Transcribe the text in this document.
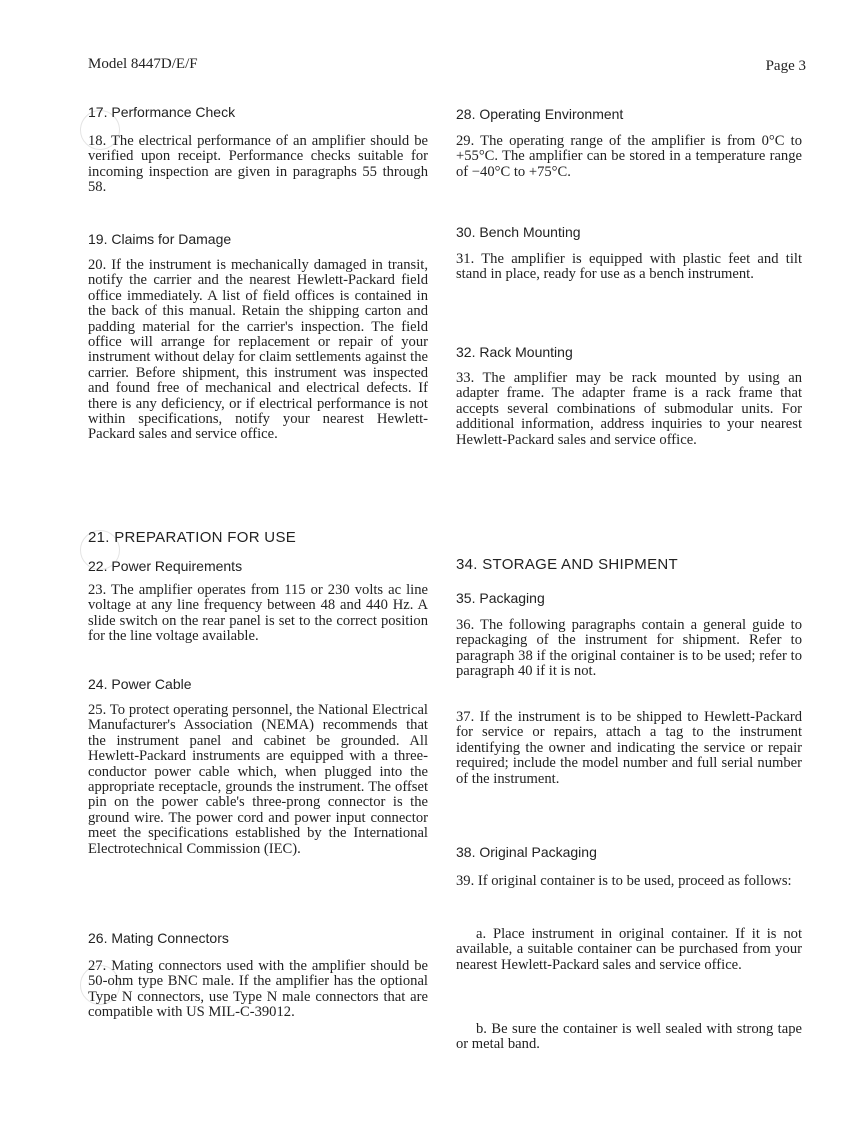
Model 8447D/E/F	Page 3
17. Performance Check
18. The electrical performance of an amplifier should be verified upon receipt. Performance checks suitable for incoming inspection are given in paragraphs 55 through 58.
19. Claims for Damage
20. If the instrument is mechanically damaged in transit, notify the carrier and the nearest Hewlett-Packard field office immediately. A list of field offices is contained in the back of this manual. Retain the shipping carton and padding material for the carrier's inspection. The field office will arrange for replacement or repair of your instrument without delay for claim settlements against the carrier. Before shipment, this instrument was inspected and found free of mechanical and electrical defects. If there is any deficiency, or if electrical performance is not within specifications, notify your nearest Hewlett-Packard sales and service office.
21. PREPARATION FOR USE
22. Power Requirements
23. The amplifier operates from 115 or 230 volts ac line voltage at any line frequency between 48 and 440 Hz. A slide switch on the rear panel is set to the correct position for the line voltage available.
24. Power Cable
25. To protect operating personnel, the National Electrical Manufacturer's Association (NEMA) recommends that the instrument panel and cabinet be grounded. All Hewlett-Packard instruments are equipped with a three-conductor power cable which, when plugged into the appropriate receptacle, grounds the instrument. The offset pin on the power cable's three-prong connector is the ground wire. The power cord and power input connector meet the specifications established by the International Electrotechnical Commission (IEC).
26. Mating Connectors
27. Mating connectors used with the amplifier should be 50-ohm type BNC male. If the amplifier has the optional Type N connectors, use Type N male connectors that are compatible with US MIL-C-39012.
28. Operating Environment
29. The operating range of the amplifier is from 0°C to +55°C. The amplifier can be stored in a temperature range of −40°C to +75°C.
30. Bench Mounting
31. The amplifier is equipped with plastic feet and tilt stand in place, ready for use as a bench instrument.
32. Rack Mounting
33. The amplifier may be rack mounted by using an adapter frame. The adapter frame is a rack frame that accepts several combinations of submodular units. For additional information, address inquiries to your nearest Hewlett-Packard sales and service office.
34. STORAGE AND SHIPMENT
35. Packaging
36. The following paragraphs contain a general guide to repackaging of the instrument for shipment. Refer to paragraph 38 if the original container is to be used; refer to paragraph 40 if it is not.
37. If the instrument is to be shipped to Hewlett-Packard for service or repairs, attach a tag to the instrument identifying the owner and indicating the service or repair required; include the model number and full serial number of the instrument.
38. Original Packaging
39. If original container is to be used, proceed as follows:
a. Place instrument in original container. If it is not available, a suitable container can be purchased from your nearest Hewlett-Packard sales and service office.
b. Be sure the container is well sealed with strong tape or metal band.
